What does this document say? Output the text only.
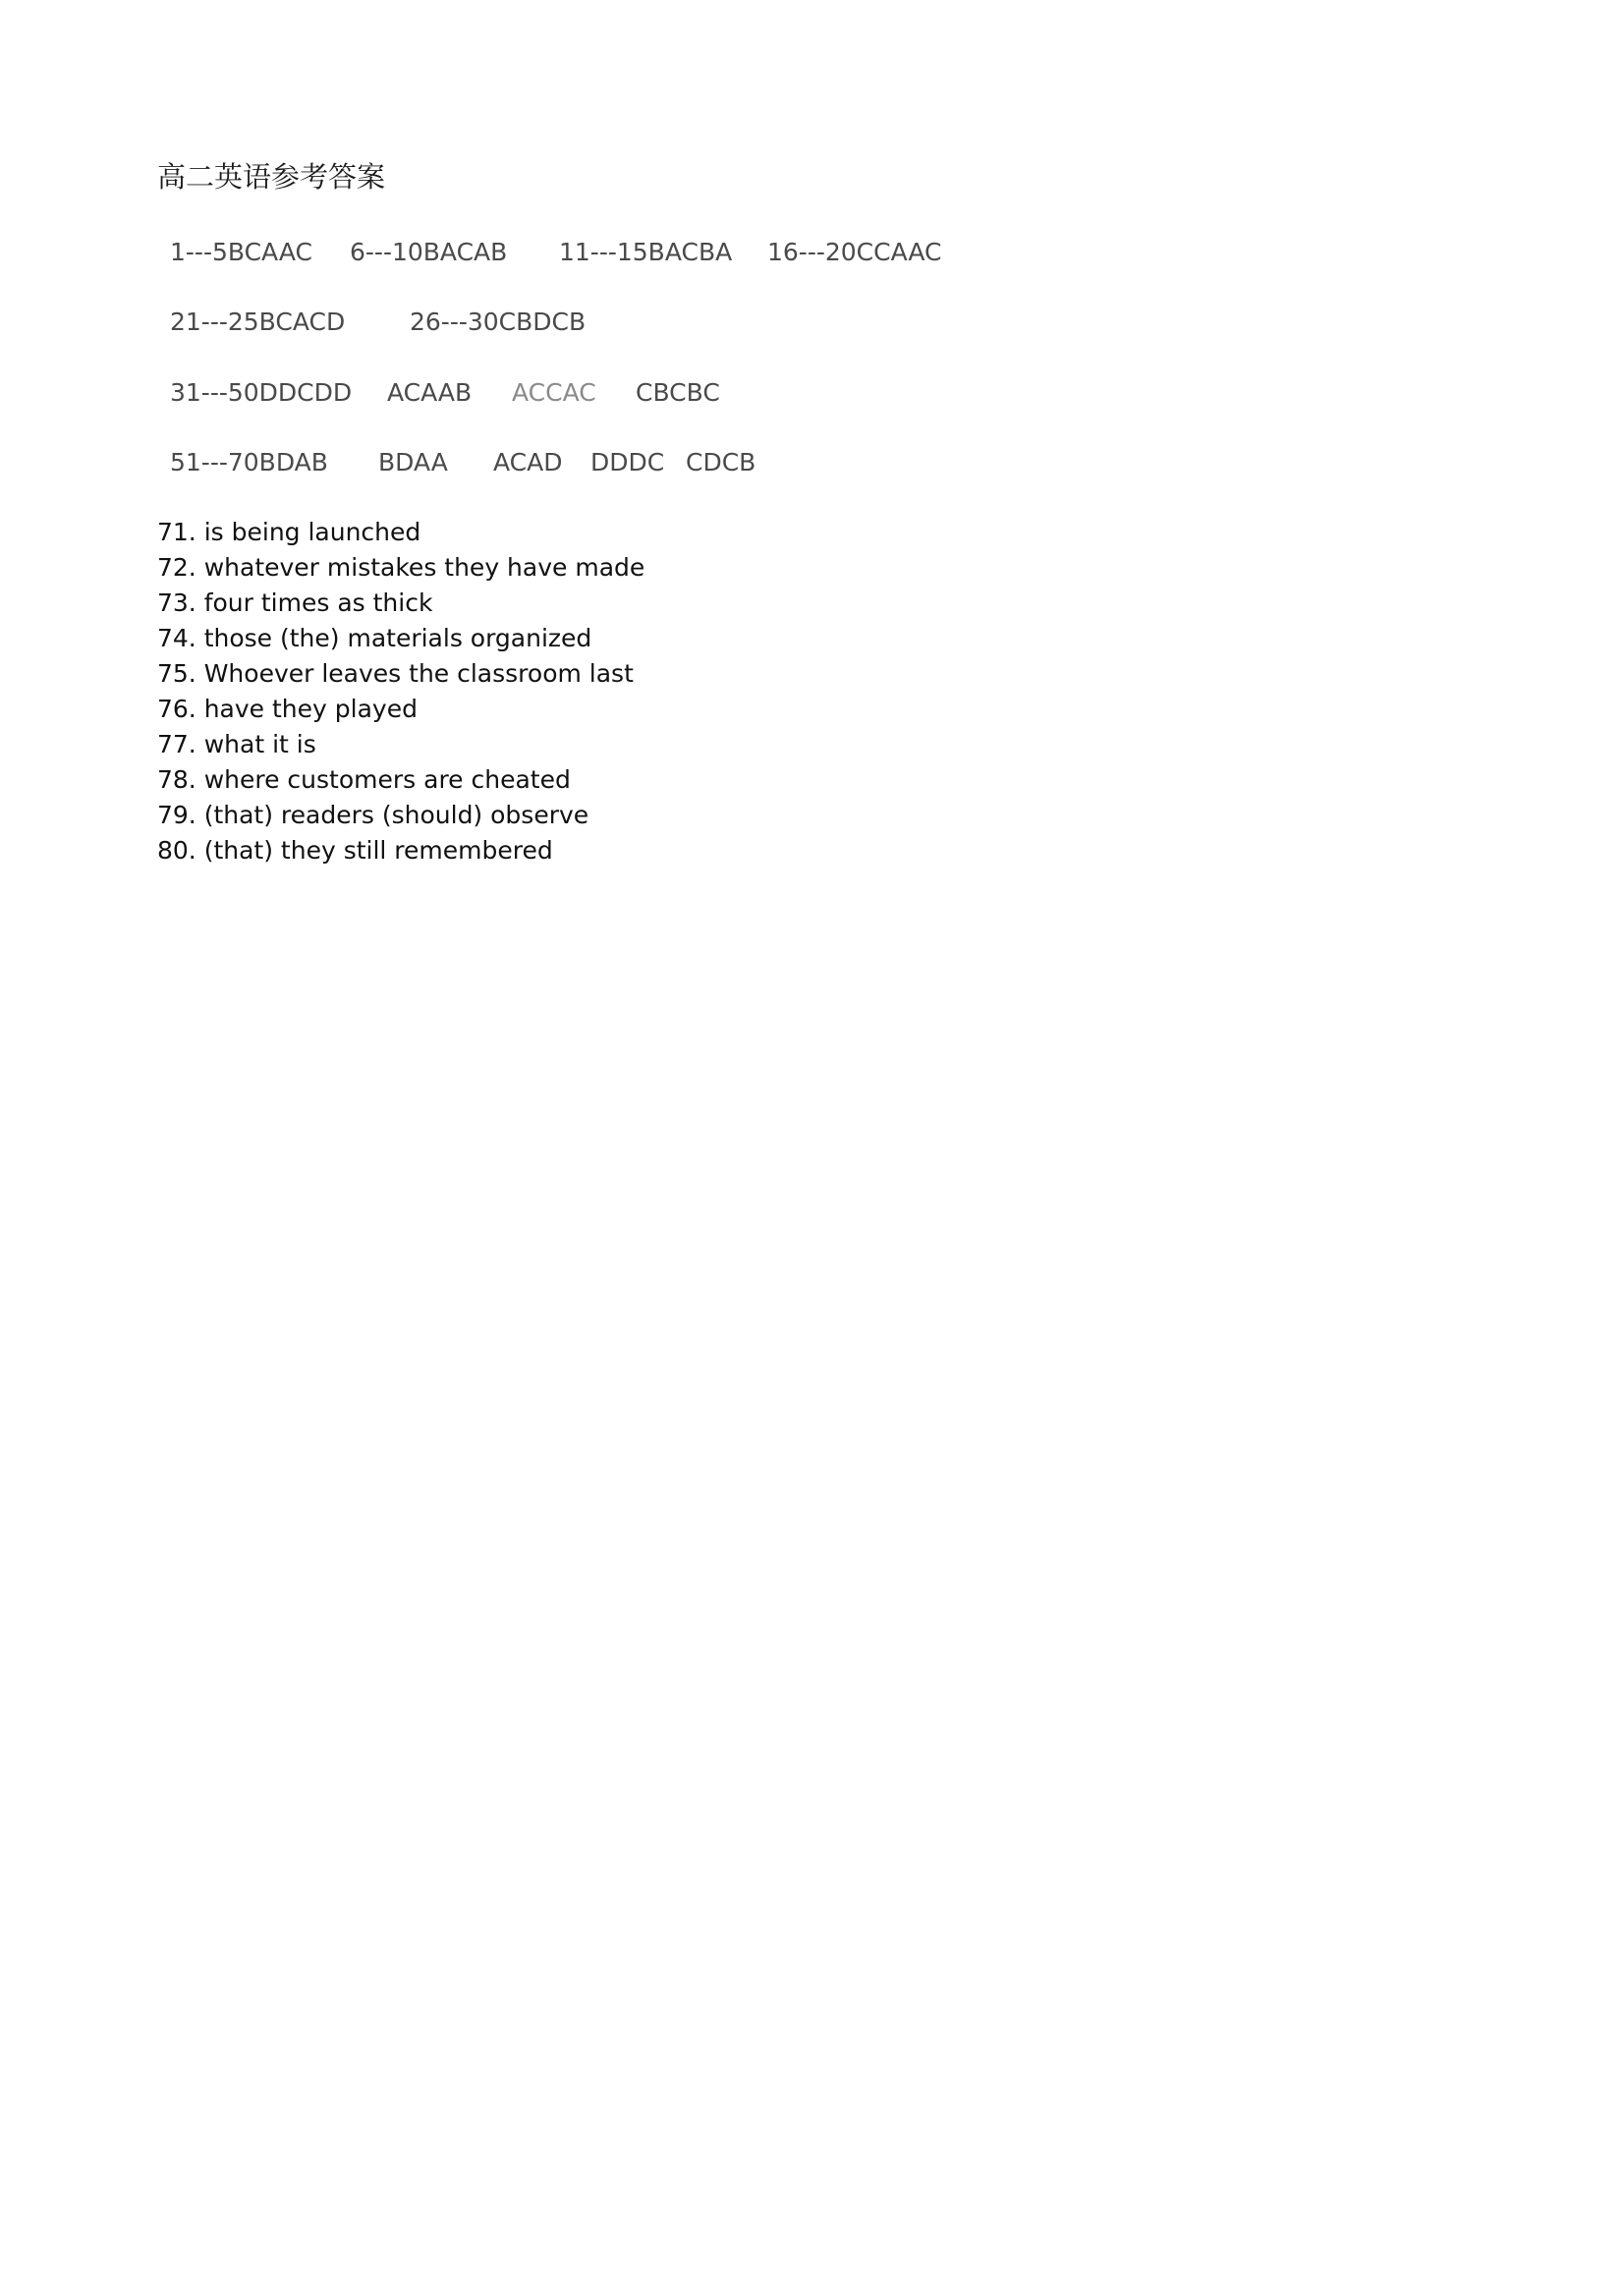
高二英语参考答案
1---5BCAAC 6---10BACAB 11---15BACBA 16---20CCAAC
21---25BCACD	26---30CBDCB
31---50DDCDD ACAAB ACCAC CBCBC
51---70BDAB BDAA ACAD DDDC CDCB
71. is being launched
72. whatever mistakes they have made
73. four times as thick
74. those (the) materials organized
75. Whoever leaves the classroom last
76. have they played
77. what it is
78. where customers are cheated
79. (that) readers (should) observe
80. (that) they still remembered
